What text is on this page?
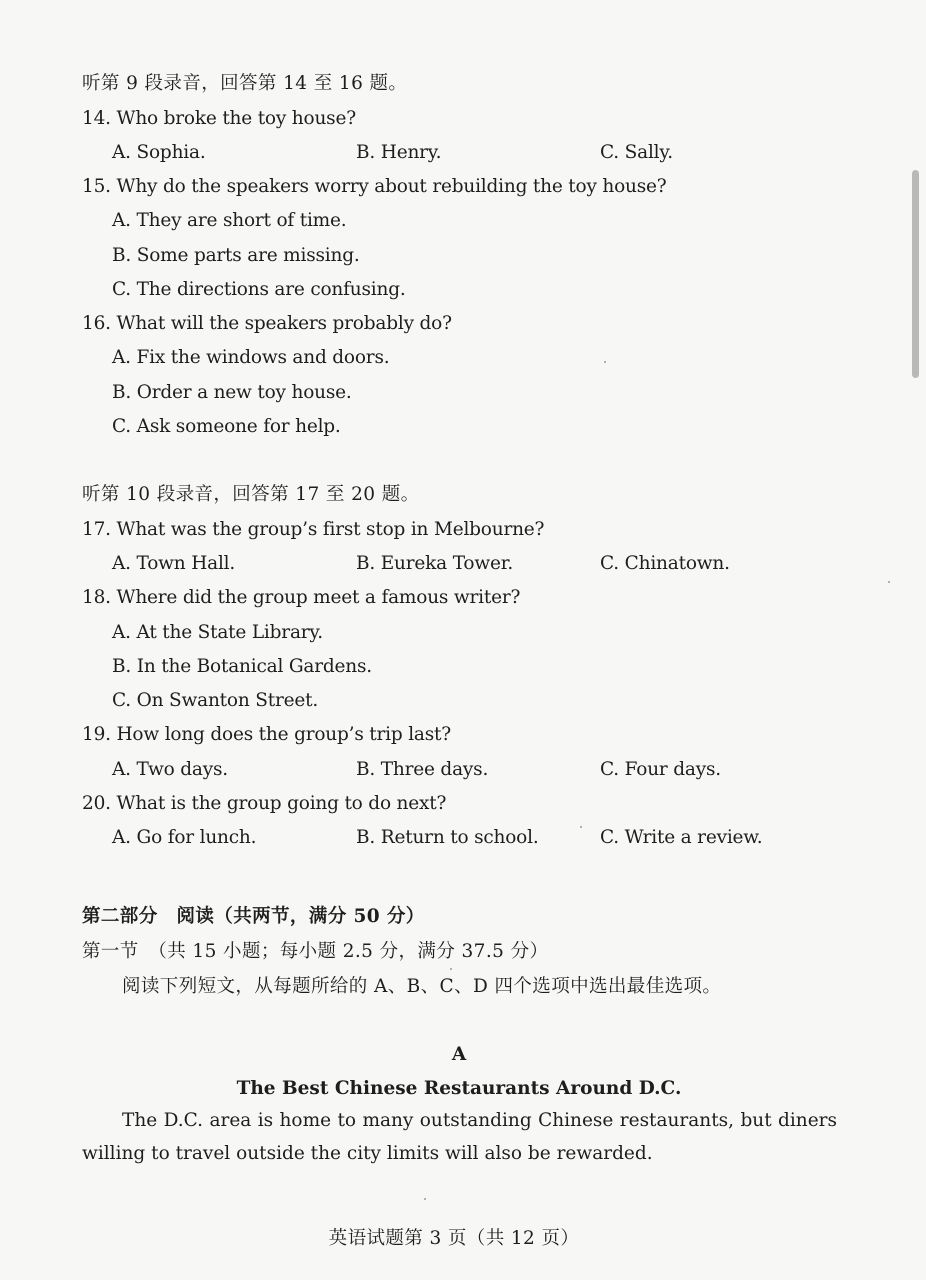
听第 9 段录音，回答第 14 至 16 题。
14. Who broke the toy house?
A. Sophia.	B. Henry.	C. Sally.
15. Why do the speakers worry about rebuilding the toy house?
A. They are short of time.
B. Some parts are missing.
C. The directions are confusing.
16. What will the speakers probably do?
A. Fix the windows and doors.
B. Order a new toy house.
C. Ask someone for help.
听第 10 段录音，回答第 17 至 20 题。
17. What was the group’s first stop in Melbourne?
A. Town Hall.	B. Eureka Tower.	C. Chinatown.
18. Where did the group meet a famous writer?
A. At the State Library.
B. In the Botanical Gardens.
C. On Swanton Street.
19. How long does the group’s trip last?
A. Two days.	B. Three days.	C. Four days.
20. What is the group going to do next?
A. Go for lunch.	B. Return to school.	C. Write a review.
第二部分　阅读（共两节，满分 50 分）
第一节　（共 15 小题；每小题 2.5 分，满分 37.5 分）
阅读下列短文，从每题所给的 A、B、C、D 四个选项中选出最佳选项。
A
The Best Chinese Restaurants Around D.C.
The D.C. area is home to many outstanding Chinese restaurants, but diners willing to travel outside the city limits will also be rewarded.
英语试题第 3 页（共 12 页）
